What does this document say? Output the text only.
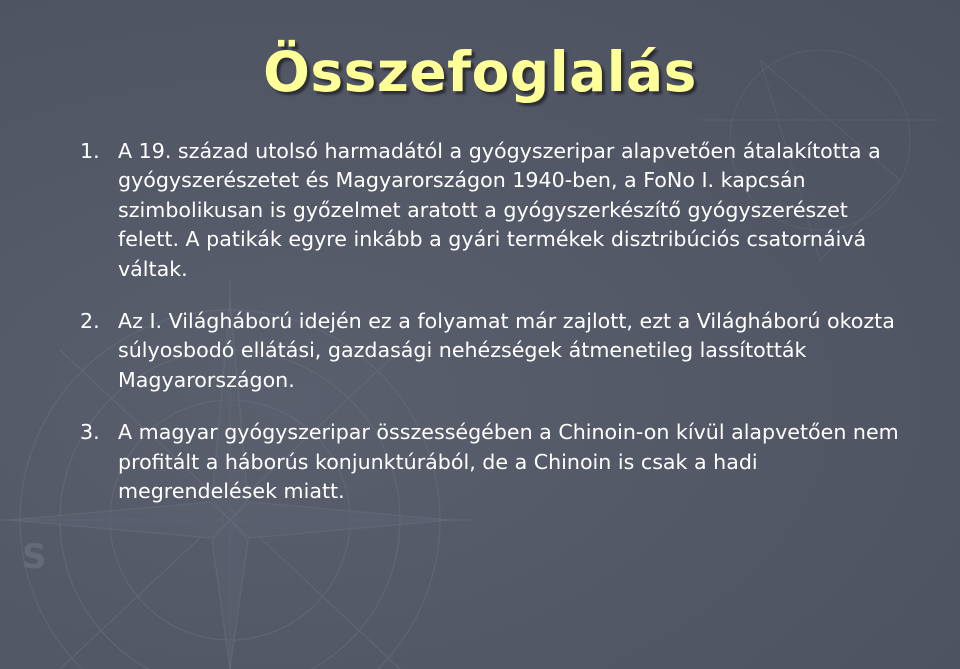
S
Összefoglalás
1. A 19. század utolsó harmadától a gyógyszeripar alapvetően átalakította a gyógyszerészetet és Magyarországon 1940-ben, a FoNo I. kapcsán szimbolikusan is győzelmet aratott a gyógyszerkészítő gyógyszerészet felett. A patikák egyre inkább a gyári termékek disztribúciós csatornáivá váltak.
2. Az I. Világháború idején ez a folyamat már zajlott, ezt a Világháború okozta súlyosbodó ellátási, gazdasági nehézségek átmenetileg lassították Magyarországon.
3. A magyar gyógyszeripar összességében a Chinoin-on kívül alapvetően nem profitált a háborús konjunktúrából, de a Chinoin is csak a hadi megrendelések miatt.
